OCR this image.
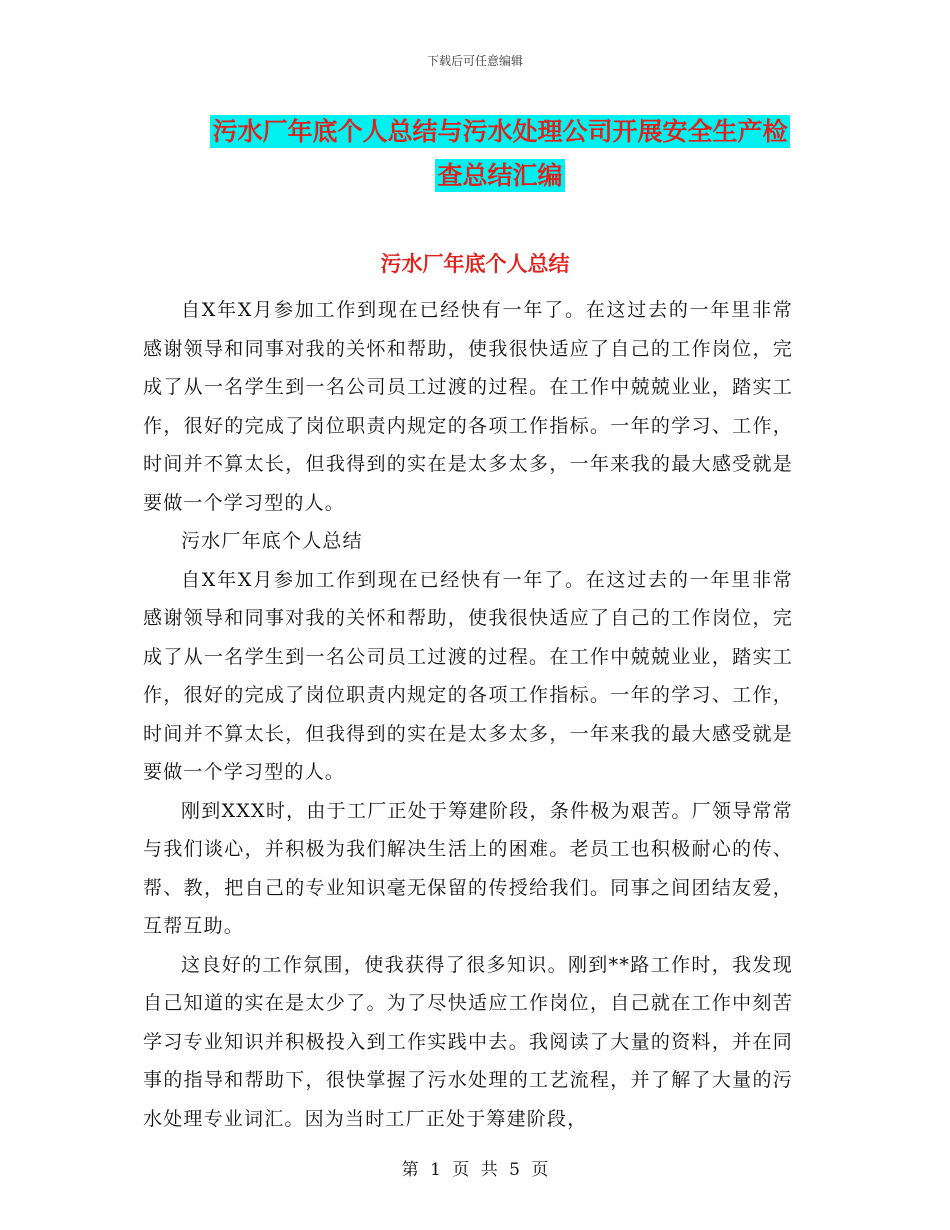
下载后可任意编辑
污水厂年底个人总结与污水处理公司开展安全生产检
查总结汇编
污水厂年底个人总结

自X年X月参加工作到现在已经快有一年了。在这过去的一年里非常感谢领导和同事对我的关怀和帮助，使我很快适应了自己的工作岗位，完成了从一名学生到一名公司员工过渡的过程。在工作中兢兢业业，踏实工作，很好的完成了岗位职责内规定的各项工作指标。一年的学习、工作，时间并不算太长，但我得到的实在是太多太多，一年来我的最大感受就是要做一个学习型的人。

污水厂年底个人总结

自X年X月参加工作到现在已经快有一年了。在这过去的一年里非常感谢领导和同事对我的关怀和帮助，使我很快适应了自己的工作岗位，完成了从一名学生到一名公司员工过渡的过程。在工作中兢兢业业，踏实工作，很好的完成了岗位职责内规定的各项工作指标。一年的学习、工作，时间并不算太长，但我得到的实在是太多太多，一年来我的最大感受就是要做一个学习型的人。

刚到XXX时，由于工厂正处于筹建阶段，条件极为艰苦。厂领导常常与我们谈心，并积极为我们解决生活上的困难。老员工也积极耐心的传、帮、教，把自己的专业知识毫无保留的传授给我们。同事之间团结友爱，互帮互助。

这良好的工作氛围，使我获得了很多知识。刚到**路工作时，我发现自己知道的实在是太少了。为了尽快适应工作岗位，自己就在工作中刻苦学习专业知识并积极投入到工作实践中去。我阅读了大量的资料，并在同事的指导和帮助下，很快掌握了污水处理的工艺流程，并了解了大量的污水处理专业词汇。因为当时工厂正处于筹建阶段，

第 1 页 共 5 页
